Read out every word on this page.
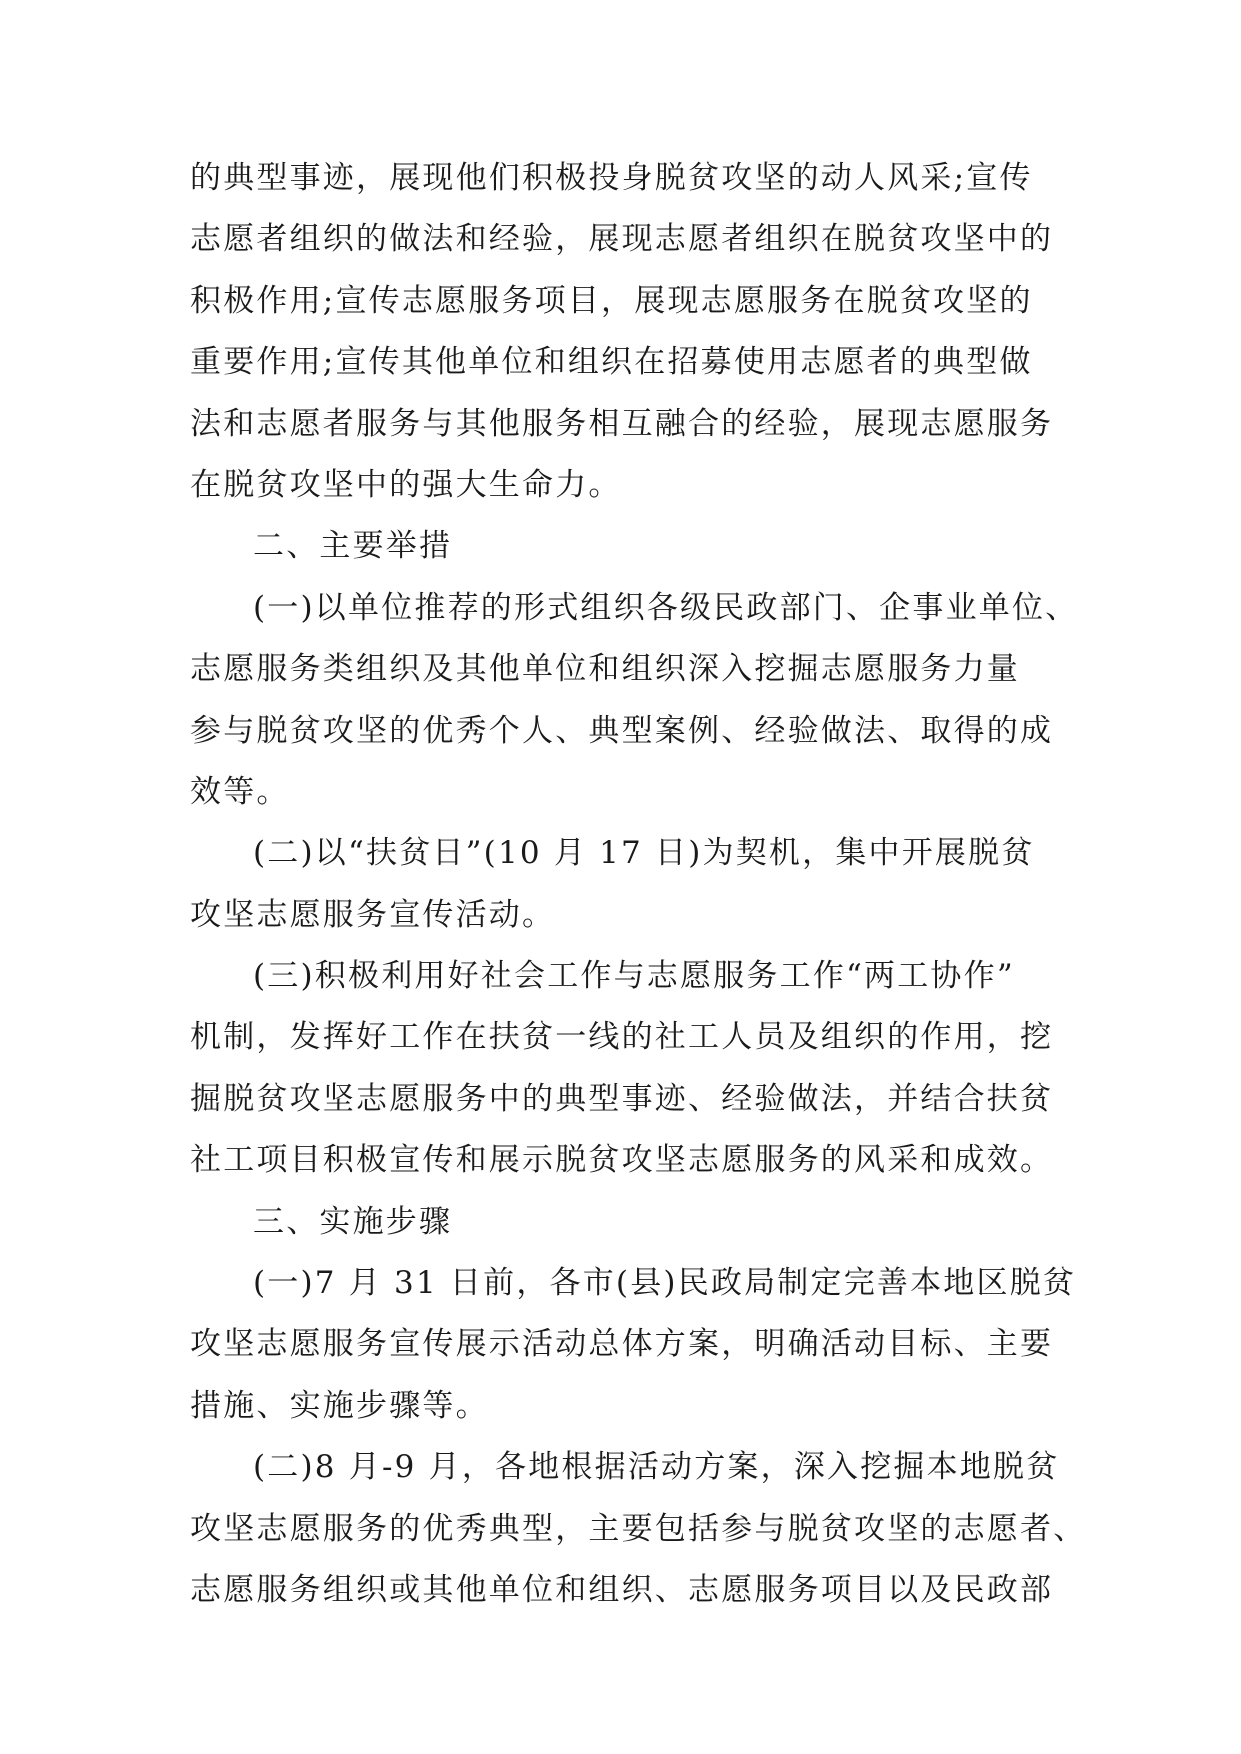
的典型事迹，展现他们积极投身脱贫攻坚的动人风采;宣传
志愿者组织的做法和经验，展现志愿者组织在脱贫攻坚中的
积极作用;宣传志愿服务项目，展现志愿服务在脱贫攻坚的
重要作用;宣传其他单位和组织在招募使用志愿者的典型做
法和志愿者服务与其他服务相互融合的经验，展现志愿服务
在脱贫攻坚中的强大生命力。
二、主要举措
(一)以单位推荐的形式组织各级民政部门、企事业单位、
志愿服务类组织及其他单位和组织深入挖掘志愿服务力量
参与脱贫攻坚的优秀个人、典型案例、经验做法、取得的成
效等。
(二)以“扶贫日”(10 月 17 日)为契机，集中开展脱贫
攻坚志愿服务宣传活动。
(三)积极利用好社会工作与志愿服务工作“两工协作”
机制，发挥好工作在扶贫一线的社工人员及组织的作用，挖
掘脱贫攻坚志愿服务中的典型事迹、经验做法，并结合扶贫
社工项目积极宣传和展示脱贫攻坚志愿服务的风采和成效。
三、实施步骤
(一)7 月 31 日前，各市(县)民政局制定完善本地区脱贫
攻坚志愿服务宣传展示活动总体方案，明确活动目标、主要
措施、实施步骤等。
(二)8 月-9 月，各地根据活动方案，深入挖掘本地脱贫
攻坚志愿服务的优秀典型，主要包括参与脱贫攻坚的志愿者、
志愿服务组织或其他单位和组织、志愿服务项目以及民政部
